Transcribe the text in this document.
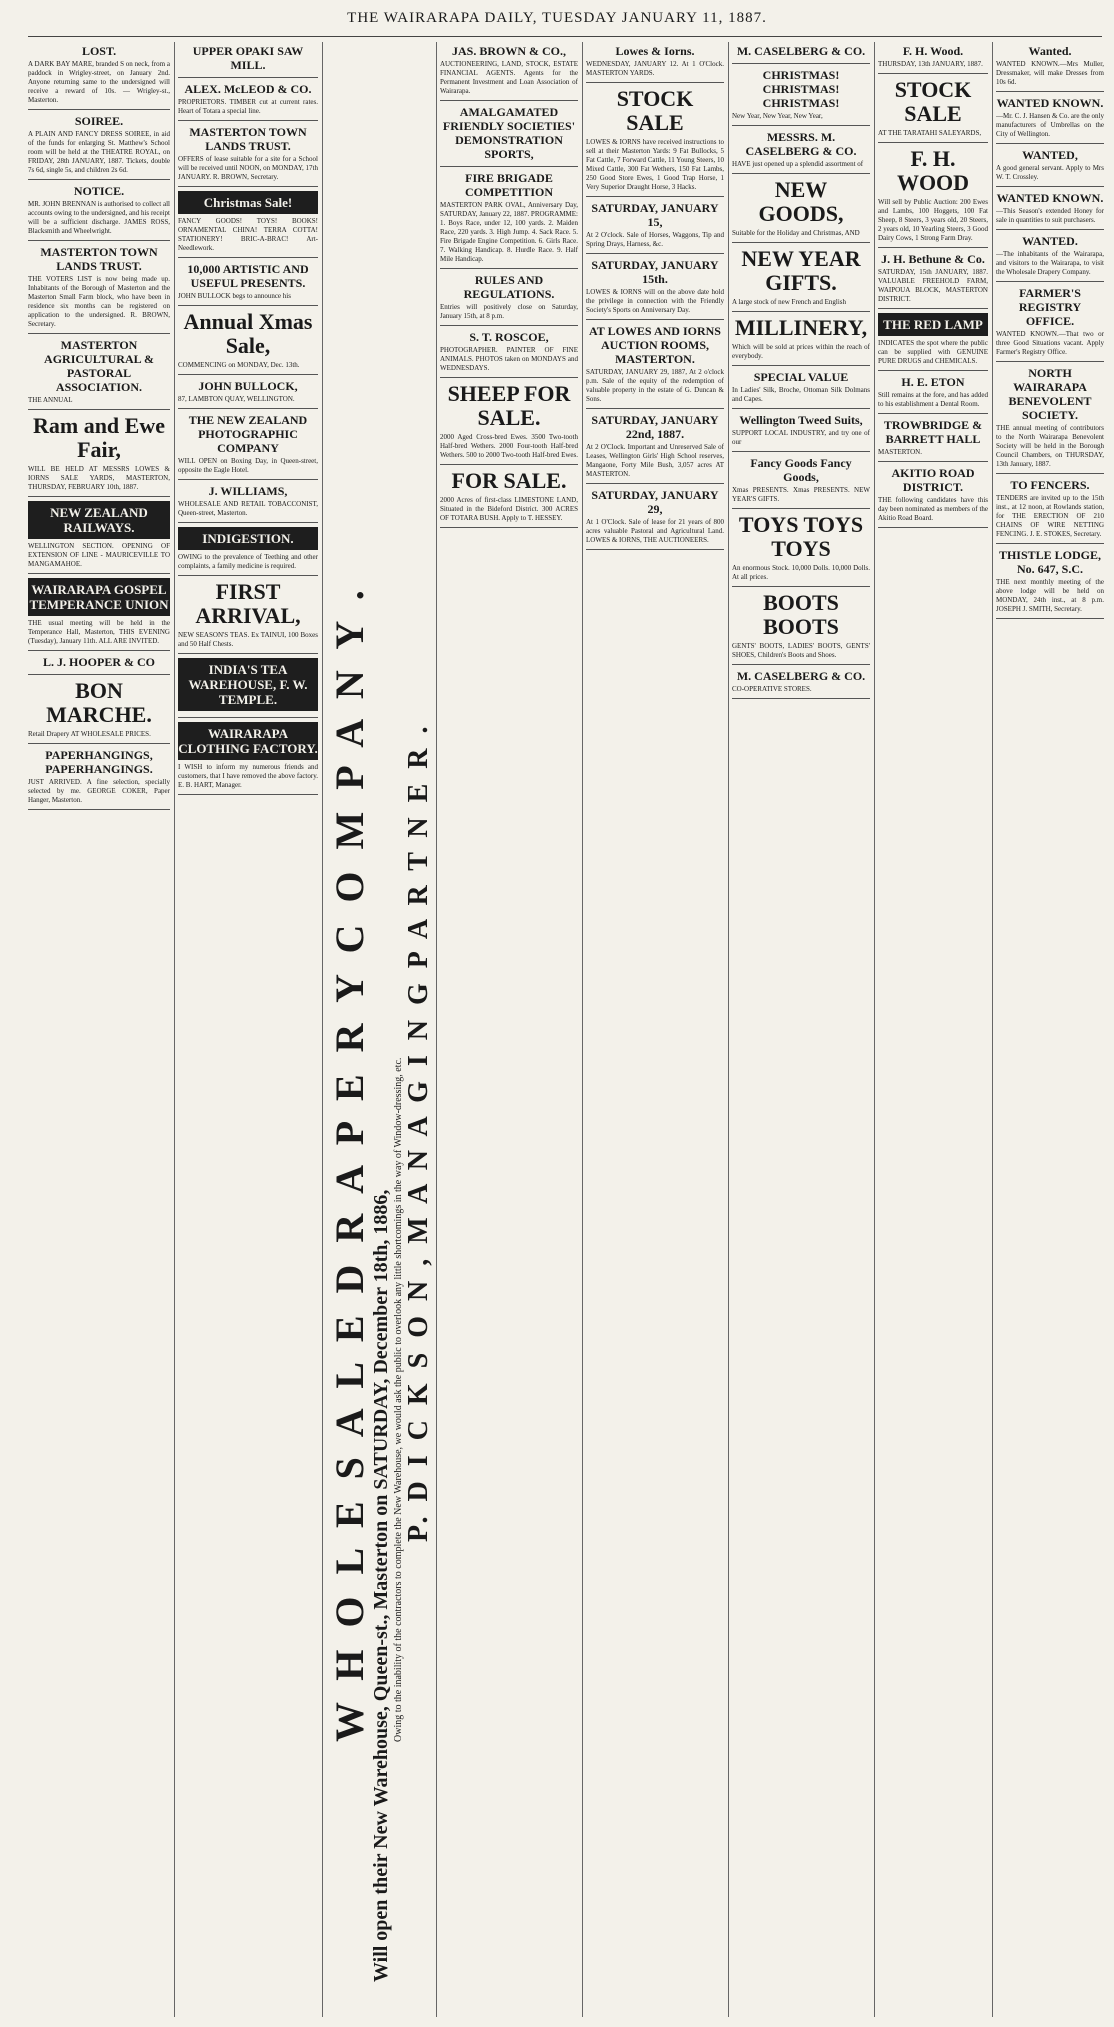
THE WAIRARAPA DAILY, TUESDAY JANUARY 11, 1887.
LOST.
A DARK BAY MARE, branded S on neck, from a paddock in Wrigley-street, on January 2nd. Anyone returning same to the undersigned will receive a reward of 10s. — Wrigley-st., Masterton.
SOIREE.
A PLAIN AND FANCY DRESS SOIREE, in aid of the funds for enlarging St. Matthew's School room will be held at the THEATRE ROYAL, on FRIDAY, 28th JANUARY, 1887. Tickets, double 7s 6d, single 5s, and children 2s 6d.
NOTICE.
MR. JOHN BRENNAN is authorised to collect all accounts owing to the undersigned, and his receipt will be a sufficient discharge. JAMES ROSS, Blacksmith and Wheelwright.
MASTERTON TOWN LANDS TRUST.
THE VOTERS LIST is now being made up. Inhabitants of the Borough of Masterton and the Masterton Small Farm block, who have been in residence six months can be registered on application to the undersigned. R. BROWN, Secretary.
MASTERTON AGRICULTURAL & PASTORAL ASSOCIATION.
THE ANNUAL
Ram and Ewe Fair,
WILL BE HELD AT MESSRS LOWES & IORNS SALE YARDS, MASTERTON, THURSDAY, FEBRUARY 10th, 1887.
NEW ZEALAND RAILWAYS.
WELLINGTON SECTION. OPENING OF EXTENSION OF LINE - MAURICEVILLE TO MANGAMAHOE.
WAIRARAPA GOSPEL TEMPERANCE UNION
THE usual meeting will be held in the Temperance Hall, Masterton, THIS EVENING (Tuesday), January 11th. ALL ARE INVITED.
L. J. HOOPER & CO
BON MARCHE.
Retail Drapery AT WHOLESALE PRICES.
PAPERHANGINGS, PAPERHANGINGS.
JUST ARRIVED. A fine selection, specially selected by me. GEORGE COKER, Paper Hanger, Masterton.
UPPER OPAKI SAW MILL.
ALEX. McLEOD & CO.
PROPRIETORS. TIMBER cut at current rates. Heart of Totara a special line.
MASTERTON TOWN LANDS TRUST.
OFFERS of lease suitable for a site for a School will be received until NOON, on MONDAY, 17th JANUARY. R. BROWN, Secretary.
Christmas Sale!
FANCY GOODS! TOYS! BOOKS! ORNAMENTAL CHINA! TERRA COTTA! STATIONERY! BRIC-A-BRAC! Art-Needlework.
10,000 ARTISTIC AND USEFUL PRESENTS.
JOHN BULLOCK begs to announce his
Annual Xmas Sale,
COMMENCING on MONDAY, Dec. 13th.
JOHN BULLOCK,
87, LAMBTON QUAY, WELLINGTON.
THE NEW ZEALAND PHOTOGRAPHIC COMPANY
WILL OPEN on Boxing Day, in Queen-street, opposite the Eagle Hotel.
J. WILLIAMS,
WHOLESALE AND RETAIL TOBACCONIST, Queen-street, Masterton.
INDIGESTION.
OWING to the prevalence of Teething and other complaints, a family medicine is required.
FIRST ARRIVAL,
NEW SEASON'S TEAS. Ex TAINUI, 100 Boxes and 50 Half Chests.
INDIA'S TEA WAREHOUSE, F. W. TEMPLE.
WAIRARAPA CLOTHING FACTORY.
I WISH to inform my numerous friends and customers, that I have removed the above factory. E. B. HART, Manager.	W H O L E S A L E D R A P E R Y C O M P A N Y .
Will open their New Warehouse, Queen-st., Masterton on SATURDAY, December 18th, 1886, Owing to the inability of the contractors to complete the New Warehouse, we would ask the public to overlook any little shortcomings in the way of Window-dressing, etc. P. D I C K S O N , M A N A G I N G P A R T N E R .
JAS. BROWN & CO.,
AUCTIONEERING, LAND, STOCK, ESTATE FINANCIAL AGENTS. Agents for the Permanent Investment and Loan Association of Wairarapa.
AMALGAMATED FRIENDLY SOCIETIES' DEMONSTRATION SPORTS,
FIRE BRIGADE COMPETITION
MASTERTON PARK OVAL, Anniversary Day, SATURDAY, January 22, 1887. PROGRAMME: 1. Boys Race, under 12, 100 yards. 2. Maiden Race, 220 yards. 3. High Jump. 4. Sack Race. 5. Fire Brigade Engine Competition. 6. Girls Race. 7. Walking Handicap. 8. Hurdle Race. 9. Half Mile Handicap.
RULES AND REGULATIONS.
Entries will positively close on Saturday, January 15th, at 8 p.m.
S. T. ROSCOE,
PHOTOGRAPHER. PAINTER OF FINE ANIMALS. PHOTOS taken on MONDAYS and WEDNESDAYS.
SHEEP FOR SALE.
2000 Aged Cross-bred Ewes. 3500 Two-tooth Half-bred Wethers. 2000 Four-tooth Half-bred Wethers. 500 to 2000 Two-tooth Half-bred Ewes.
FOR SALE.
2000 Acres of first-class LIMESTONE LAND, Situated in the Bideford District. 300 ACRES OF TOTARA BUSH. Apply to T. HESSEY.
Lowes & Iorns.
WEDNESDAY, JANUARY 12. At 1 O'Clock. MASTERTON YARDS.
STOCK SALE
LOWES & IORNS have received instructions to sell at their Masterton Yards: 9 Fat Bullocks, 5 Fat Cattle, 7 Forward Cattle, 11 Young Steers, 10 Mixed Cattle, 300 Fat Wethers, 150 Fat Lambs, 250 Good Store Ewes, 1 Good Trap Horse, 1 Very Superior Draught Horse, 3 Hacks.
SATURDAY, JANUARY 15,
At 2 O'clock. Sale of Horses, Waggons, Tip and Spring Drays, Harness, &c.
SATURDAY, JANUARY 15th.
LOWES & IORNS will on the above date hold the privilege in connection with the Friendly Society's Sports on Anniversary Day.
AT LOWES AND IORNS AUCTION ROOMS, MASTERTON.
SATURDAY, JANUARY 29, 1887, At 2 o'clock p.m. Sale of the equity of the redemption of valuable property in the estate of G. Duncan & Sons.
SATURDAY, JANUARY 22nd, 1887.
At 2 O'Clock. Important and Unreserved Sale of Leases, Wellington Girls' High School reserves, Mangaone, Forty Mile Bush, 3,057 acres AT MASTERTON.
SATURDAY, JANUARY 29,
At 1 O'Clock. Sale of lease for 21 years of 800 acres valuable Pastoral and Agricultural Land. LOWES & IORNS, THE AUCTIONEERS.
M. CASELBERG & CO.
CHRISTMAS! CHRISTMAS! CHRISTMAS!
New Year, New Year, New Year,
MESSRS. M. CASELBERG & CO.
HAVE just opened up a splendid assortment of
NEW GOODS,
Suitable for the Holiday and Christmas, AND
NEW YEAR GIFTS.
A large stock of new French and English
MILLINERY,
Which will be sold at prices within the reach of everybody.
SPECIAL VALUE
In Ladies' Silk, Broche, Ottoman Silk Dolmans and Capes.
Wellington Tweed Suits,
SUPPORT LOCAL INDUSTRY, and try one of our
Fancy Goods Fancy Goods,
Xmas PRESENTS. Xmas PRESENTS. NEW YEAR'S GIFTS.
TOYS TOYS TOYS
An enormous Stock. 10,000 Dolls. 10,000 Dolls. At all prices.
BOOTS BOOTS
GENTS' BOOTS, LADIES' BOOTS, GENTS' SHOES, Children's Boots and Shoes.
M. CASELBERG & CO.
CO-OPERATIVE STORES.
F. H. Wood.
THURSDAY, 13th JANUARY, 1887.
STOCK SALE
AT THE TARATAHI SALEYARDS,
F. H. WOOD
Will sell by Public Auction: 200 Ewes and Lambs, 100 Hoggets, 100 Fat Sheep, 8 Steers, 3 years old, 20 Steers, 2 years old, 10 Yearling Steers, 3 Good Dairy Cows, 1 Strong Farm Dray.
J. H. Bethune & Co.
SATURDAY, 15th JANUARY, 1887. VALUABLE FREEHOLD FARM, WAIPOUA BLOCK, MASTERTON DISTRICT.
THE RED LAMP
INDICATES the spot where the public can be supplied with GENUINE PURE DRUGS and CHEMICALS.
H. E. ETON
Still remains at the fore, and has added to his establishment a Dental Room.
TROWBRIDGE & BARRETT HALL
MASTERTON.
AKITIO ROAD DISTRICT.
THE following candidates have this day been nominated as members of the Akitio Road Board.
Wanted.
WANTED KNOWN.—Mrs Muller, Dressmaker, will make Dresses from 10s 6d.
WANTED KNOWN.
—Mr. C. J. Hansen & Co. are the only manufacturers of Umbrellas on the City of Wellington.
WANTED,
A good general servant. Apply to Mrs W. T. Crossley.
WANTED KNOWN.
—This Season's extended Honey for sale in quantities to suit purchasers.
WANTED.
—The inhabitants of the Wairarapa, and visitors to the Wairarapa, to visit the Wholesale Drapery Company.
FARMER'S REGISTRY OFFICE.
WANTED KNOWN.—That two or three Good Situations vacant. Apply Farmer's Registry Office.
NORTH WAIRARAPA BENEVOLENT SOCIETY.
THE annual meeting of contributors to the North Wairarapa Benevolent Society will be held in the Borough Council Chambers, on THURSDAY, 13th January, 1887.
TO FENCERS.
TENDERS are invited up to the 15th inst., at 12 noon, at Rowlands station, for THE ERECTION OF 210 CHAINS OF WIRE NETTING FENCING. J. E. STOKES, Secretary.
THISTLE LODGE, No. 647, S.C.
THE next monthly meeting of the above lodge will be held on MONDAY, 24th inst., at 8 p.m. JOSEPH J. SMITH, Secretary.
